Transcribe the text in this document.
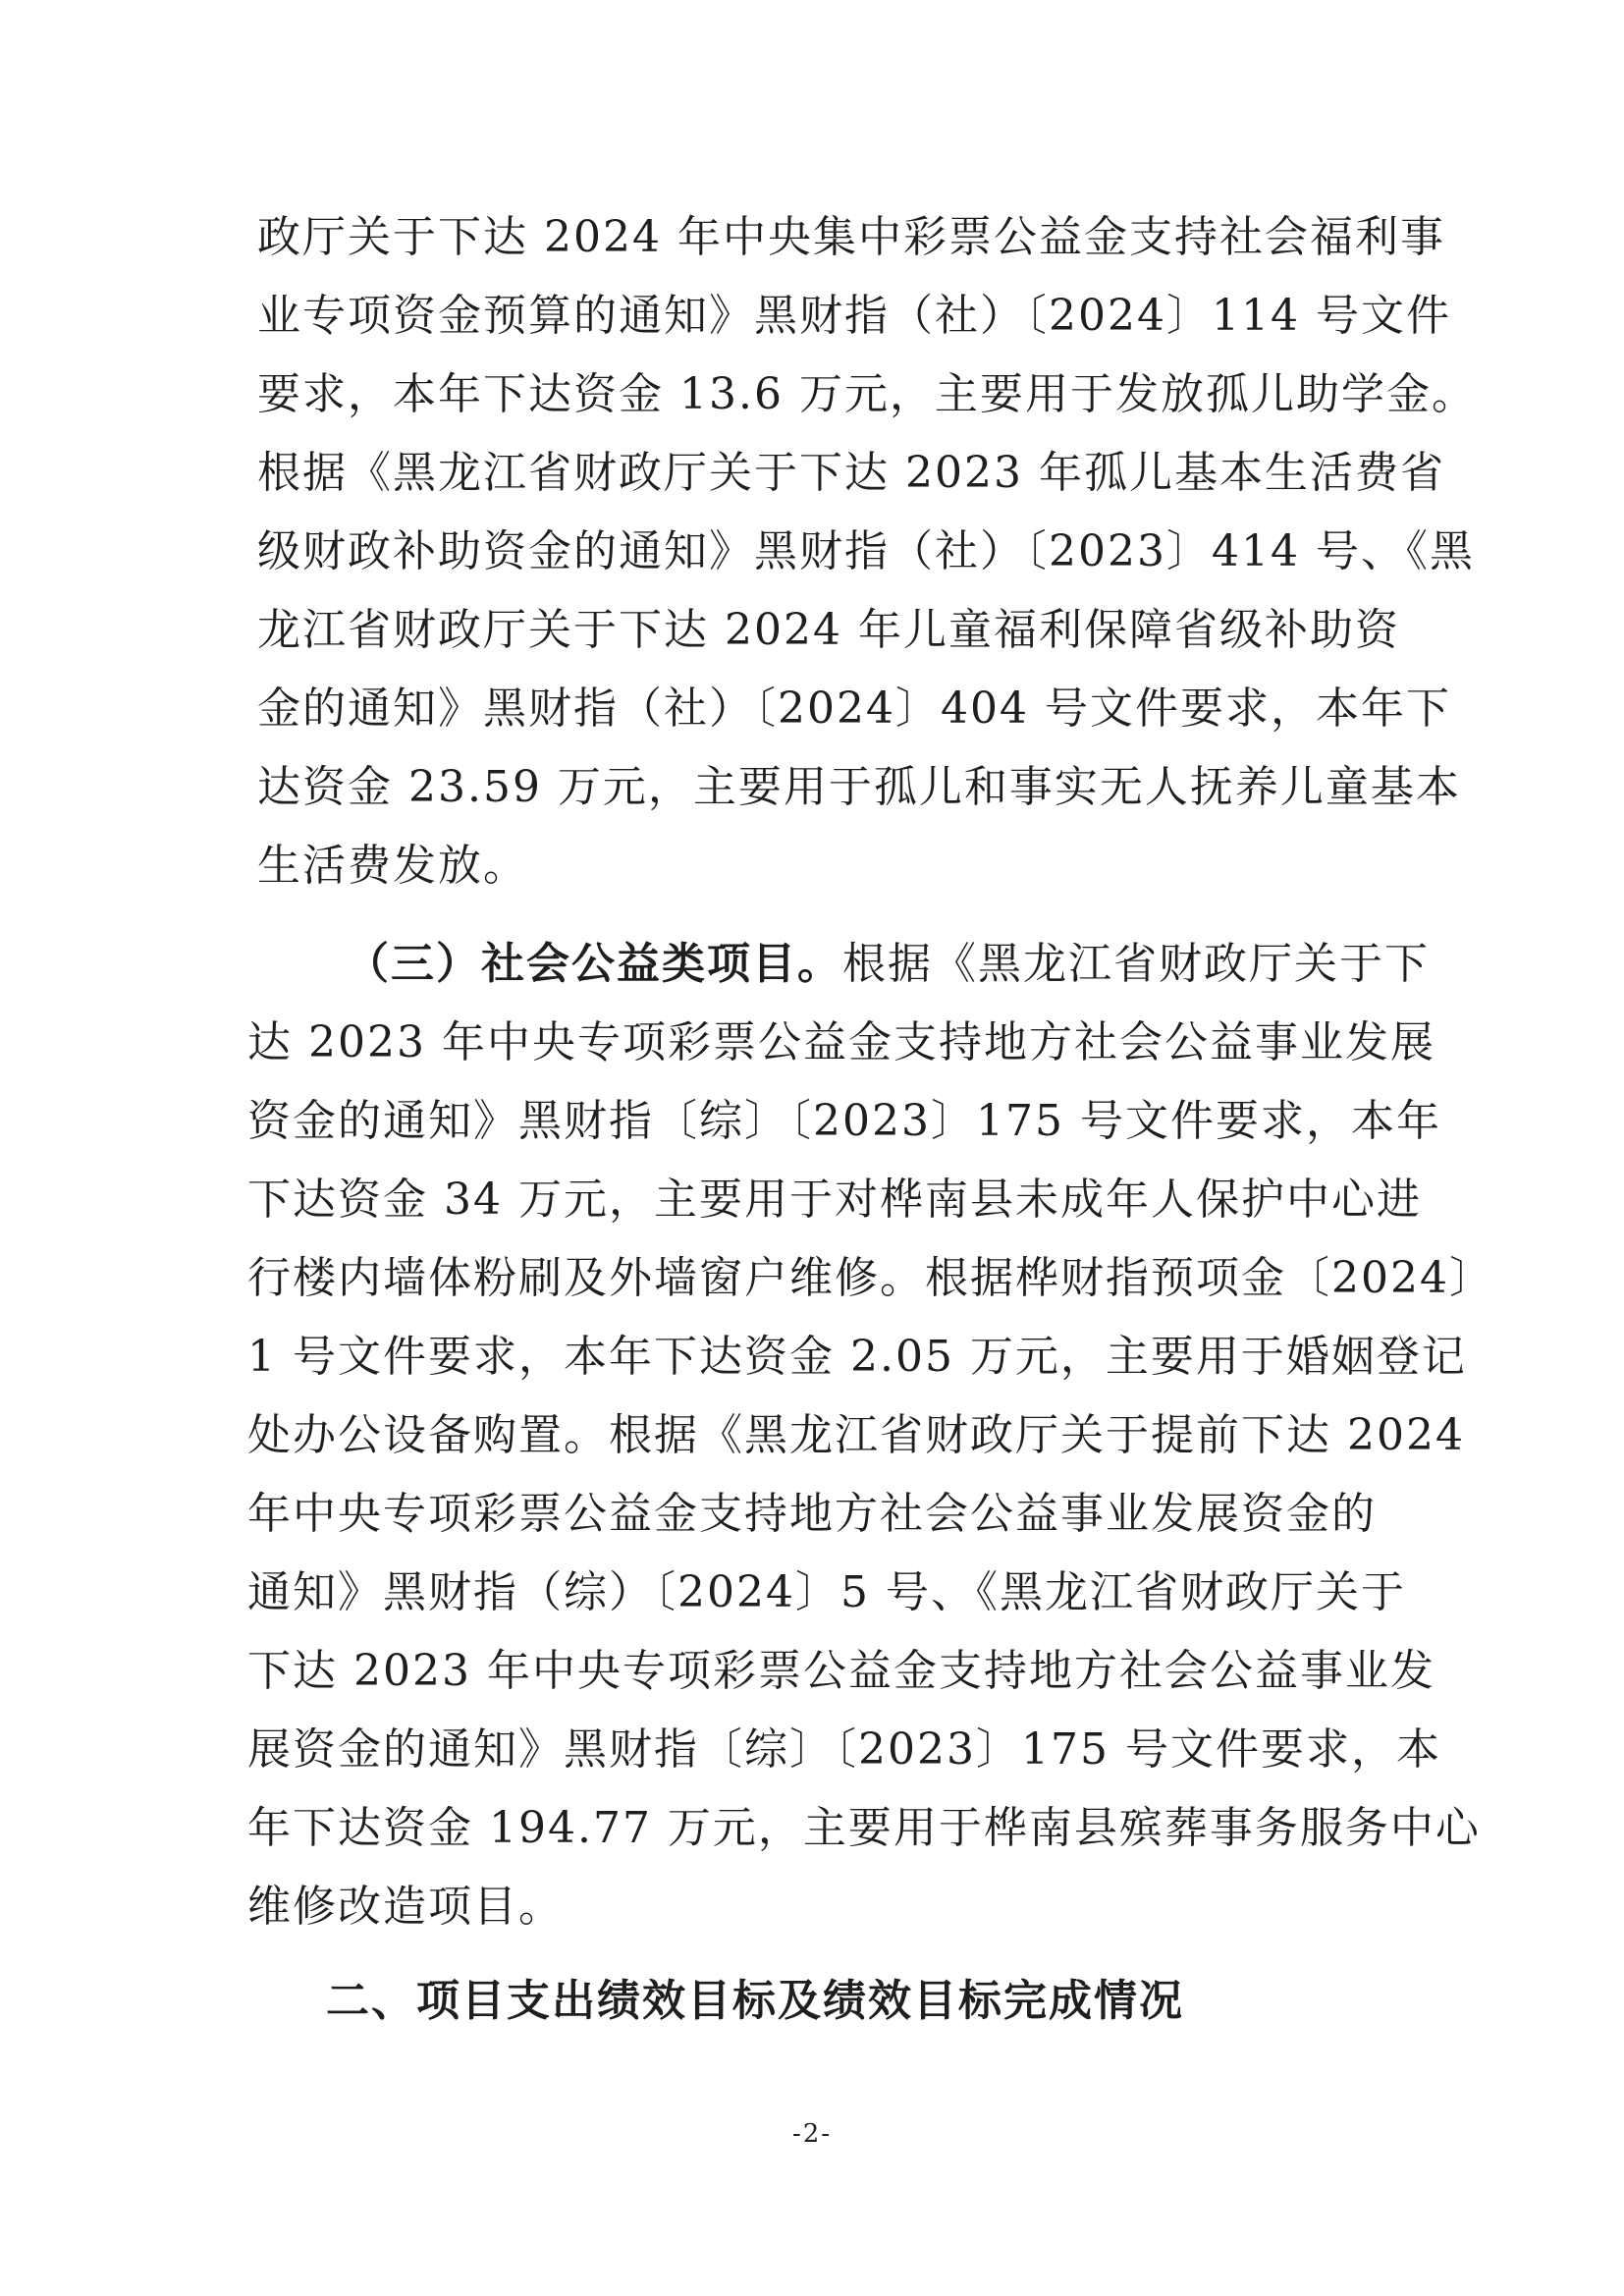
政厅关于下达 2024 年中央集中彩票公益金支持社会福利事

业专项资金预算的通知》黑财指（社）〔2024〕114 号文件

要求，本年下达资金 13.6 万元，主要用于发放孤儿助学金。

根据《黑龙江省财政厅关于下达 2023 年孤儿基本生活费省

级财政补助资金的通知》黑财指（社）〔2023〕414 号、《黑

龙江省财政厅关于下达 2024 年儿童福利保障省级补助资

金的通知》黑财指（社）〔2024〕404 号文件要求，本年下

达资金 23.59 万元，主要用于孤儿和事实无人抚养儿童基本

生活费发放。

（三）社会公益类项目。根据《黑龙江省财政厅关于下

达 2023 年中央专项彩票公益金支持地方社会公益事业发展

资金的通知》黑财指〔综〕〔2023〕175 号文件要求，本年

下达资金 34 万元，主要用于对桦南县未成年人保护中心进

行楼内墙体粉刷及外墙窗户维修。根据桦财指预项金〔2024〕

1 号文件要求，本年下达资金 2.05 万元，主要用于婚姻登记

处办公设备购置。根据《黑龙江省财政厅关于提前下达 2024

年中央专项彩票公益金支持地方社会公益事业发展资金的

通知》黑财指（综）〔2024〕5 号、《黑龙江省财政厅关于

下达 2023 年中央专项彩票公益金支持地方社会公益事业发

展资金的通知》黑财指〔综〕〔2023〕175 号文件要求，本

年下达资金 194.77 万元，主要用于桦南县殡葬事务服务中心

维修改造项目。

二、项目支出绩效目标及绩效目标完成情况

-2-
